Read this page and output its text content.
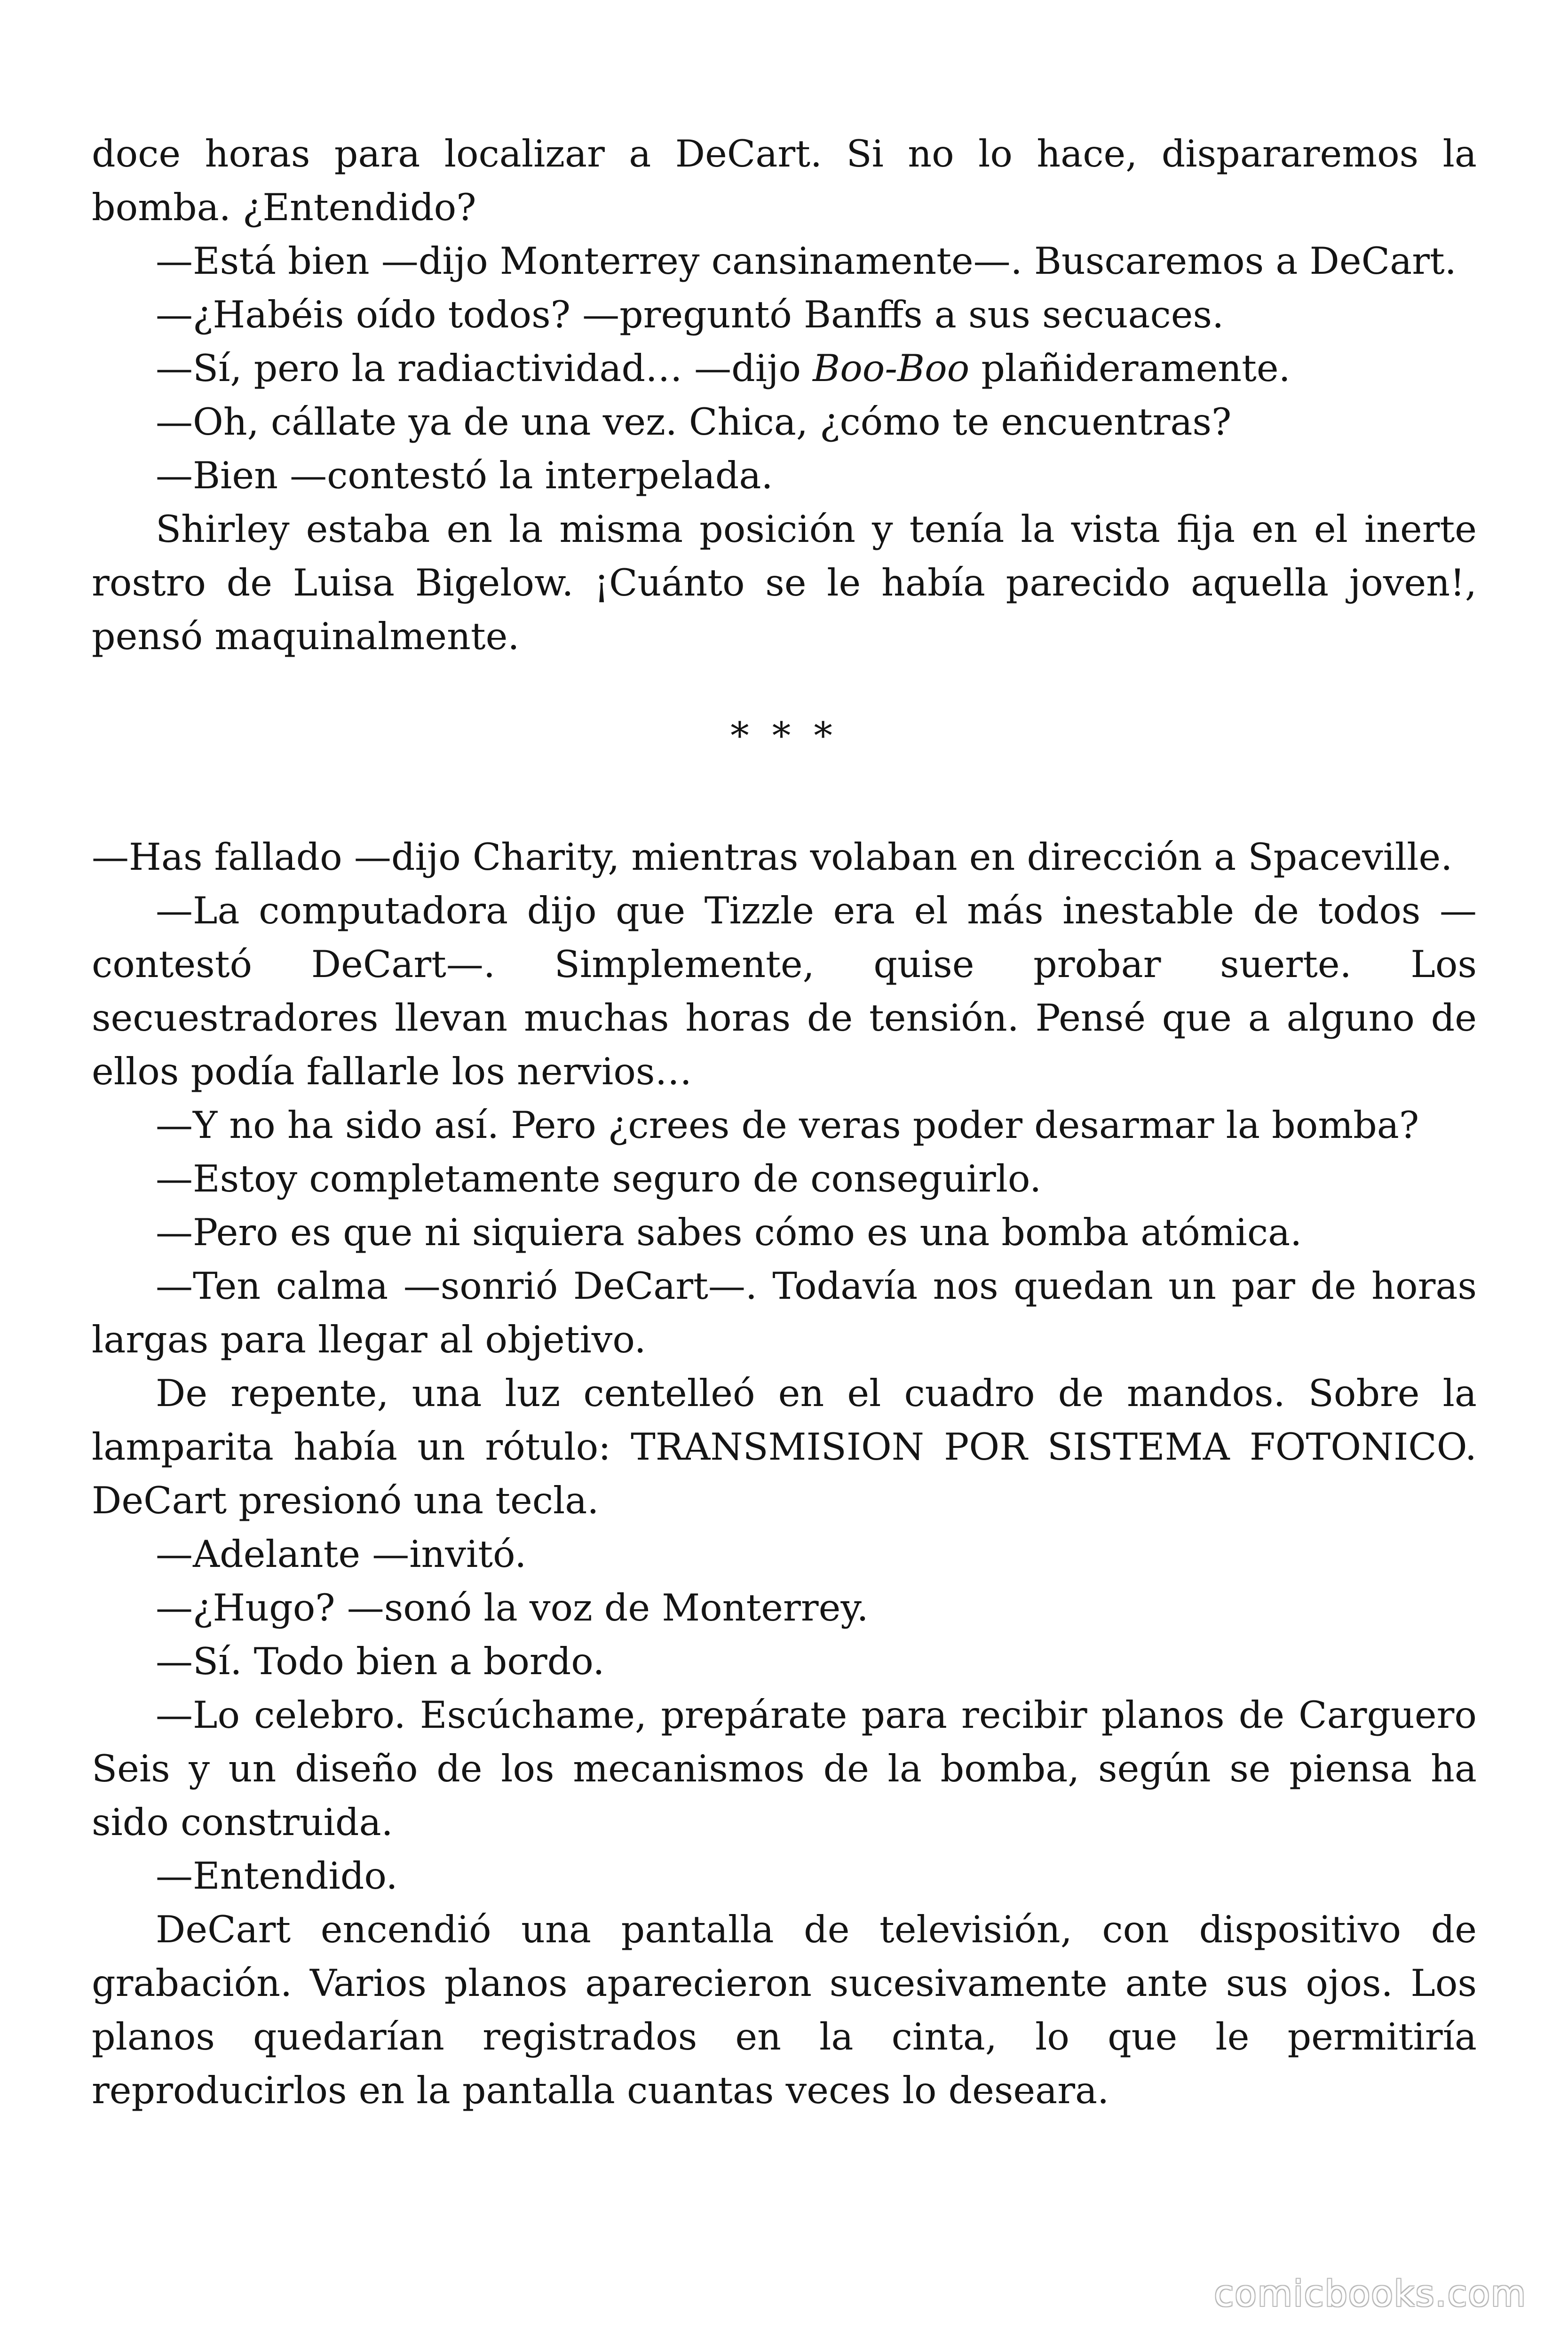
doce horas para localizar a DeCart. Si no lo hace, dispararemos la bomba. ¿Entendido?

—Está bien —dijo Monterrey cansinamente—. Buscaremos a DeCart.

—¿Habéis oído todos? —preguntó Banffs a sus secuaces.

—Sí, pero la radiactividad… —dijo Boo-Boo plañideramente.

—Oh, cállate ya de una vez. Chica, ¿cómo te encuentras?

—Bien —contestó la interpelada.

Shirley estaba en la misma posición y tenía la vista fija en el inerte rostro de Luisa Bigelow. ¡Cuánto se le había parecido aquella joven!, pensó maquinalmente.

* * *

—Has fallado —dijo Charity, mientras volaban en dirección a Spaceville.

—La computadora dijo que Tizzle era el más inestable de todos —contestó DeCart—. Simplemente, quise probar suerte. Los secuestradores llevan muchas horas de tensión. Pensé que a alguno de ellos podía fallarle los nervios…

—Y no ha sido así. Pero ¿crees de veras poder desarmar la bomba?

—Estoy completamente seguro de conseguirlo.

—Pero es que ni siquiera sabes cómo es una bomba atómica.

—Ten calma —sonrió DeCart—. Todavía nos quedan un par de horas largas para llegar al objetivo.

De repente, una luz centelleó en el cuadro de mandos. Sobre la lamparita había un rótulo: TRANSMISION POR SISTEMA FOTONICO. DeCart presionó una tecla.

—Adelante —invitó.

—¿Hugo? —sonó la voz de Monterrey.

—Sí. Todo bien a bordo.

—Lo celebro. Escúchame, prepárate para recibir planos de Carguero Seis y un diseño de los mecanismos de la bomba, según se piensa ha sido construida.

—Entendido.

DeCart encendió una pantalla de televisión, con dispositivo de grabación. Varios planos aparecieron sucesivamente ante sus ojos. Los planos quedarían registrados en la cinta, lo que le permitiría reproducirlos en la pantalla cuantas veces lo deseara.

comicbooks.com
